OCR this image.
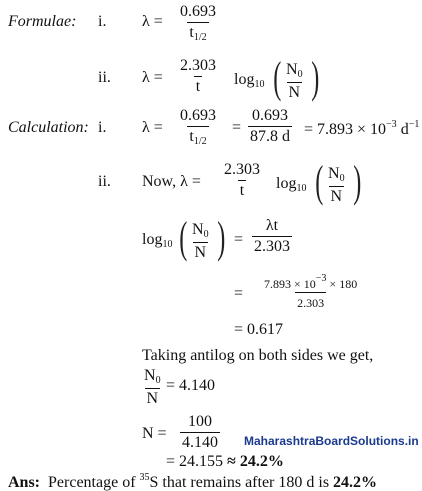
Formulae: i. $\lambda = \frac{0.693}{t_{1/2}}$
ii. $\lambda = \frac{2.303}{t} \log_{10}$ ( $\frac{N_0}{N}$ )
Calculation: i. $\lambda = \frac{0.693}{t_{1/2}} = \frac{0.693}{87.8 d} = 7.893 \times 10^{-3}$ $d^{-1}$
ii. Now, $\lambda = \frac{2.303}{t} \log_{10}$ ( $\frac{N_0}{N}$ )
$\log_{10}$ ( $\frac{N_0}{N}$ ) = $\frac{\lambda t}{2.303}$
= $\frac{7.893 \times 10^{-3} \times 180}{2.303}$
= 0.617
Taking antilog on both sides we get,
$\frac{N_0}{N} = 4.140$
$N = \frac{100}{4.140}$ MaharashtraBoardSolutions.in
= 24.155 ≈ 24.2%
Ans: Percentage of $^{35}$S that remains after 180 d is 24.2%
